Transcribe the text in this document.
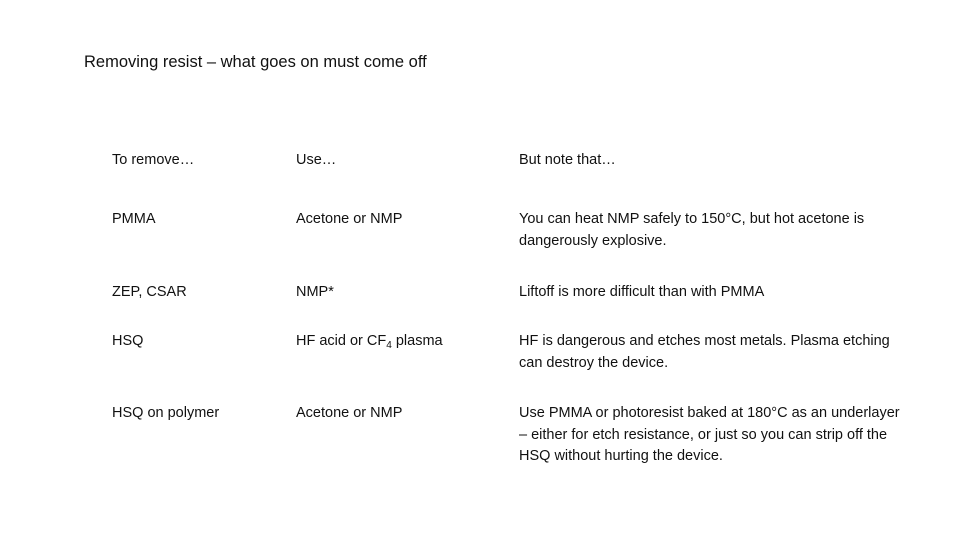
Removing resist – what goes on must come off
To remove…	Use…	But note that…
PMMA	Acetone or NMP	You can heat NMP safely to 150°C, but hot acetone is dangerously explosive.
ZEP, CSAR	NMP*	Liftoff is more difficult than with PMMA
HSQ	HF acid or $CF_4$ plasma	HF is dangerous and etches most metals. Plasma etching can destroy the device.
HSQ on polymer	Acetone or NMP	Use PMMA or photoresist baked at 180°C as an underlayer – either for etch resistance, or just so you can strip off the HSQ without hurting the device.
